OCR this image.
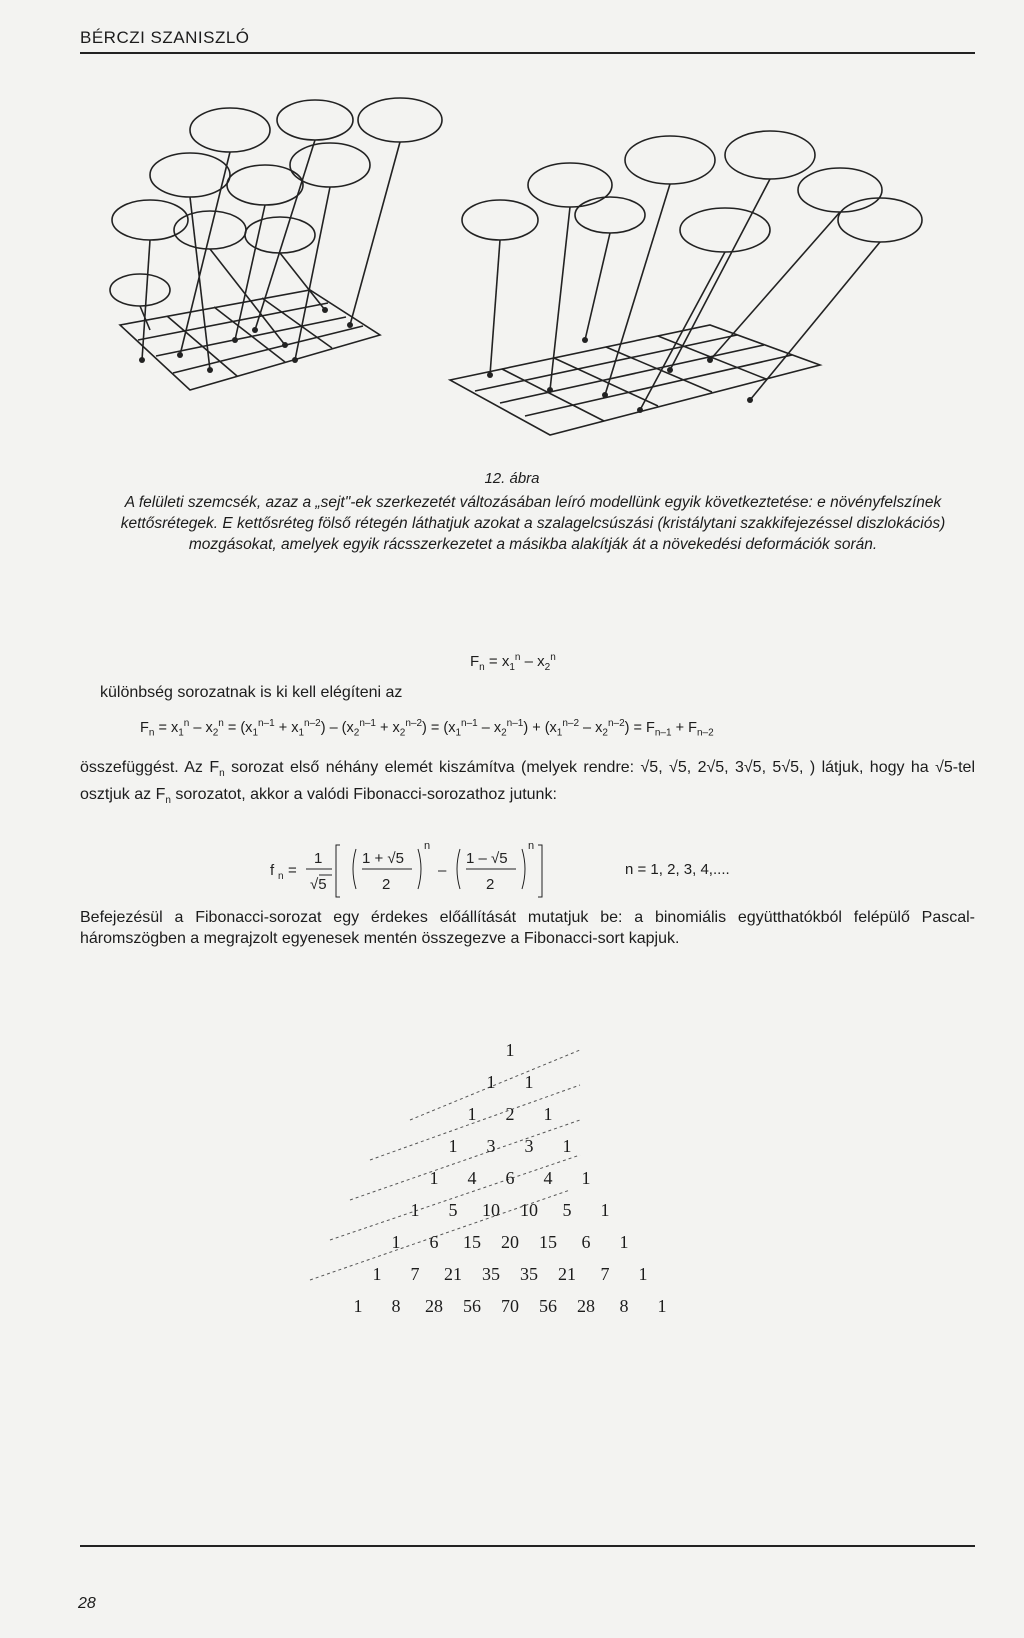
BÉRCZI SZANISZLÓ
12. ábra
A felületi szemcsék, azaz a „sejt"-ek szerkezetét változásában leíró modellünk egyik következtetése: e növényfelszínek kettősrétegek. E kettősréteg fölső rétegén láthatjuk azokat a szalagelcsúszási (kristálytani szakkifejezéssel diszlokációs) mozgásokat, amelyek egyik rácsszerkezetet a másikba alakítják át a növekedési deformációk során.
$F_n = x_1^n - x_2^n$
különbség sorozatnak is ki kell elégíteni az
$F_n = x_1^n - x_2^n = (x_1^{n-1} + x_1^{n-2}) - (x_2^{n-1} + x_2^{n-2}) = (x_1^{n-1} - x_2^{n-1}) + (x_1^{n-2} - x_2^{n-2}) = F_{n-1} + F_{n-2}$
összefüggést. Az $F_n$ sorozat első néhány elemét kiszámítva (melyek rendre: √5, √5, 2√5, 3√5, 5√5, ) látjuk, hogy ha √5-tel osztjuk az $F_n$ sorozatot, akkor a valódi Fibonacci-sorozathoz jutunk:
f n =
1
√5
1 + √5
2
n
–
1 – √5
2
n
n = 1, 2, 3, 4,....
Befejezésül a Fibonacci-sorozat egy érdekes előállítását mutatjuk be: a binomiális együtthatókból felépülő Pascal-háromszögben a megrajzolt egyenesek mentén összegezve a Fibonacci-sort kapjuk.
1
1 1
1 2 1
1 3 3 1
1 4 6 4 1
1 5 10 10 5 1
1 6 15 20 15 6 1
1 7 21 35 35 21 7 1
1 8 28 56 70 56 28 8 1
28
